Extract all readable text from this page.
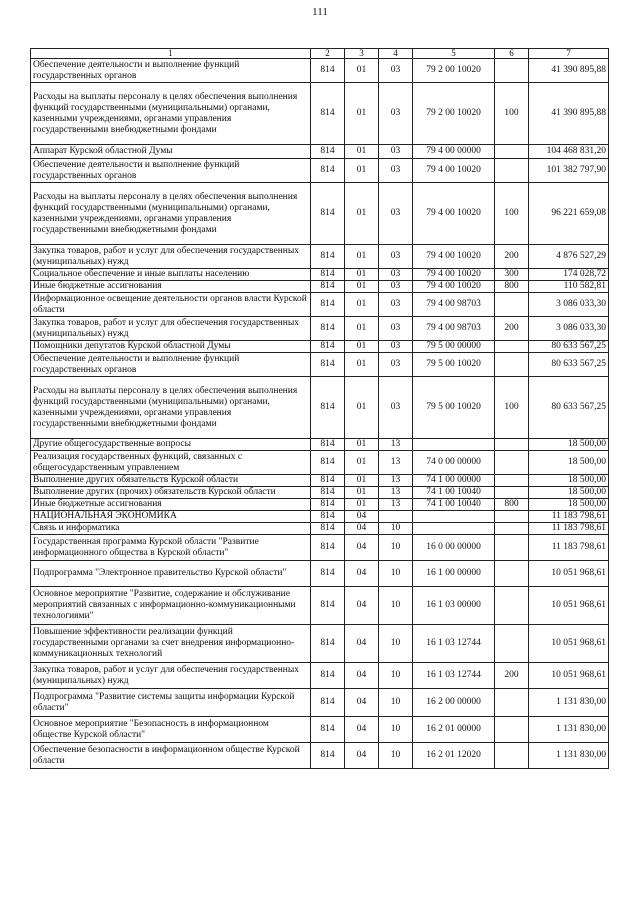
111
1	2	3	4	5	6	7
Обеспечение деятельности и выполнение функций государственных органов	814	01	03	79 2 00 10020		41 390 895,88
Расходы на выплаты персоналу в целях обеспечения выполнения функций государственными (муниципальными) органами, казенными учреждениями, органами управления государственными внебюджетными фондами	814	01	03	79 2 00 10020	100	41 390 895,88
Аппарат Курской областной Думы	814	01	03	79 4 00 00000		104 468 831,20
Обеспечение деятельности и выполнение функций государственных органов	814	01	03	79 4 00 10020		101 382 797,90
Расходы на выплаты персоналу в целях обеспечения выполнения функций государственными (муниципальными) органами, казенными учреждениями, органами управления государственными внебюджетными фондами	814	01	03	79 4 00 10020	100	96 221 659,08
Закупка товаров, работ и услуг для обеспечения государственных (муниципальных) нужд	814	01	03	79 4 00 10020	200	4 876 527,29
Социальное обеспечение и иные выплаты населению	814	01	03	79 4 00 10020	300	174 028,72
Иные бюджетные ассигнования	814	01	03	79 4 00 10020	800	110 582,81
Информационное освещение деятельности органов власти Курской области	814	01	03	79 4 00 98703		3 086 033,30
Закупка товаров, работ и услуг для обеспечения государственных (муниципальных) нужд	814	01	03	79 4 00 98703	200	3 086 033,30
Помощники депутатов Курской областной Думы	814	01	03	79 5 00 00000		80 633 567,25
Обеспечение деятельности и выполнение функций государственных органов	814	01	03	79 5 00 10020		80 633 567,25
Расходы на выплаты персоналу в целях обеспечения выполнения функций государственными (муниципальными) органами, казенными учреждениями, органами управления государственными внебюджетными фондами	814	01	03	79 5 00 10020	100	80 633 567,25
Другие общегосударственные вопросы	814	01	13			18 500,00
Реализация государственных функций, связанных с общегосударственным управлением	814	01	13	74 0 00 00000		18 500,00
Выполнение других обязательств Курской области	814	01	13	74 1 00 00000		18 500,00
Выполнение других (прочих) обязательств Курской области	814	01	13	74 1 00 10040		18 500,00
Иные бюджетные ассигнования	814	01	13	74 1 00 10040	800	18 500,00
НАЦИОНАЛЬНАЯ ЭКОНОМИКА	814	04				11 183 798,61
Связь и информатика	814	04	10			11 183 798,61
Государственная программа Курской области "Развитие информационного общества в Курской области"	814	04	10	16 0 00 00000		11 183 798,61
Подпрограмма "Электронное правительство Курской области"	814	04	10	16 1 00 00000		10 051 968,61
Основное мероприятие "Развитие, содержание и обслуживание мероприятий связанных с информационно-коммуникационными технологиями"	814	04	10	16 1 03 00000		10 051 968,61
Повышение эффективности реализации функций государственными органами за счет внедрения информационно-коммуникационных технологий	814	04	10	16 1 03 12744		10 051 968,61
Закупка товаров, работ и услуг для обеспечения государственных (муниципальных) нужд	814	04	10	16 1 03 12744	200	10 051 968,61
Подпрограмма "Развитие системы защиты информации Курской области"	814	04	10	16 2 00 00000		1 131 830,00
Основное мероприятие "Безопасность в информационном обществе Курской области"	814	04	10	16 2 01 00000		1 131 830,00
Обеспечение безопасности в информационном обществе Курской области	814	04	10	16 2 01 12020		1 131 830,00
